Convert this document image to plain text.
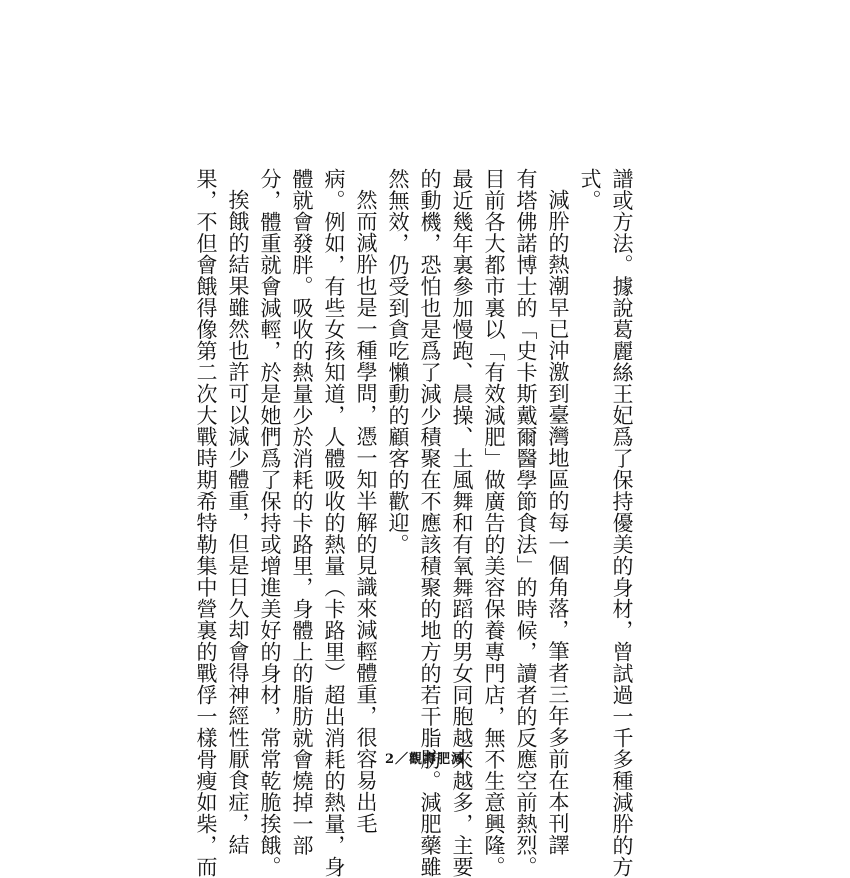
譜或方法。據說葛麗絲王妃爲了保持優美的身材，曾試過一千多種減肸的方
式。
減肸的熱潮早已沖激到臺灣地區的每一個角落，筆者三年多前在本刊譯
有塔佛諾博士的「史卡斯戴爾醫學節食法」的時候，讀者的反應空前熱烈。
目前各大都市裏以「有效減肥」做廣告的美容保養專門店，無不生意興隆。
最近幾年裏參加慢跑、晨操、土風舞和有氧舞蹈的男女同胞越來越多，主要
的動機，恐怕也是爲了減少積聚在不應該積聚的地方的若干脂肪。減肥藥雖
然無效，仍受到貪吃懶動的顧客的歡迎。
然而減肸也是一種學問，憑一知半解的見識來減輕體重，很容易出毛
病。例如，有些女孩知道，人體吸收的熱量（卡路里）超出消耗的熱量，身
體就會發胖。吸收的熱量少於消耗的卡路里，身體上的脂肪就會燒掉一部
分，體重就會減輕，於是她們爲了保持或增進美好的身材，常常乾脆挨餓。
挨餓的結果雖然也許可以減少體重，但是日久却會得神經性厭食症，結
果，不但會餓得像第二次大戰時期希特勒集中營裏的戰俘一樣骨瘦如柴，而	2／觀壽肥減
